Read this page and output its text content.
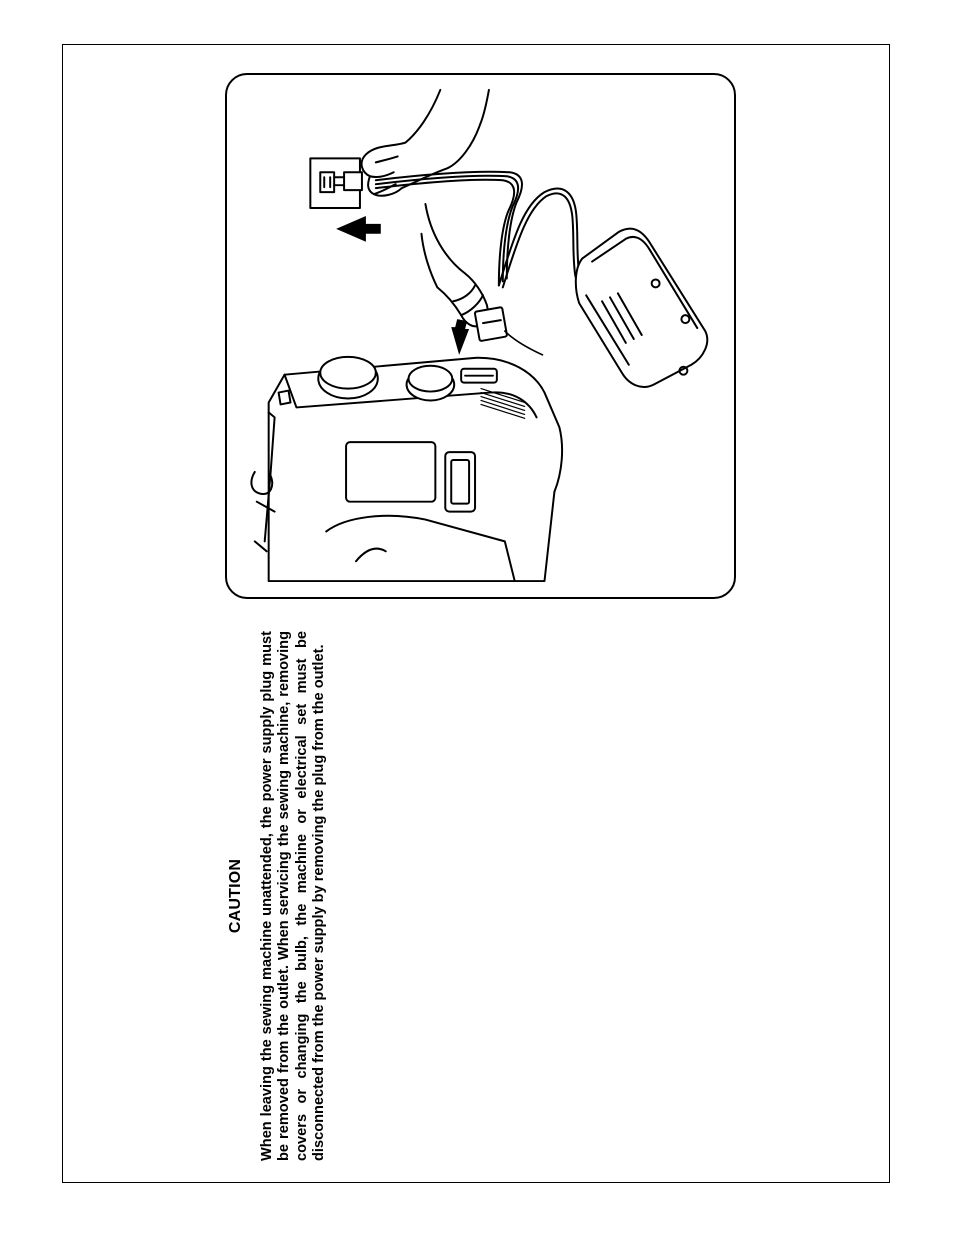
CAUTION When leaving the sewing machine unattended, the power supply plug must be removed from the outlet. When servicing the sewing machine, removing covers or changing the bulb, the machine or electrical set must be disconnected from the power supply by removing the plug from the outlet.
